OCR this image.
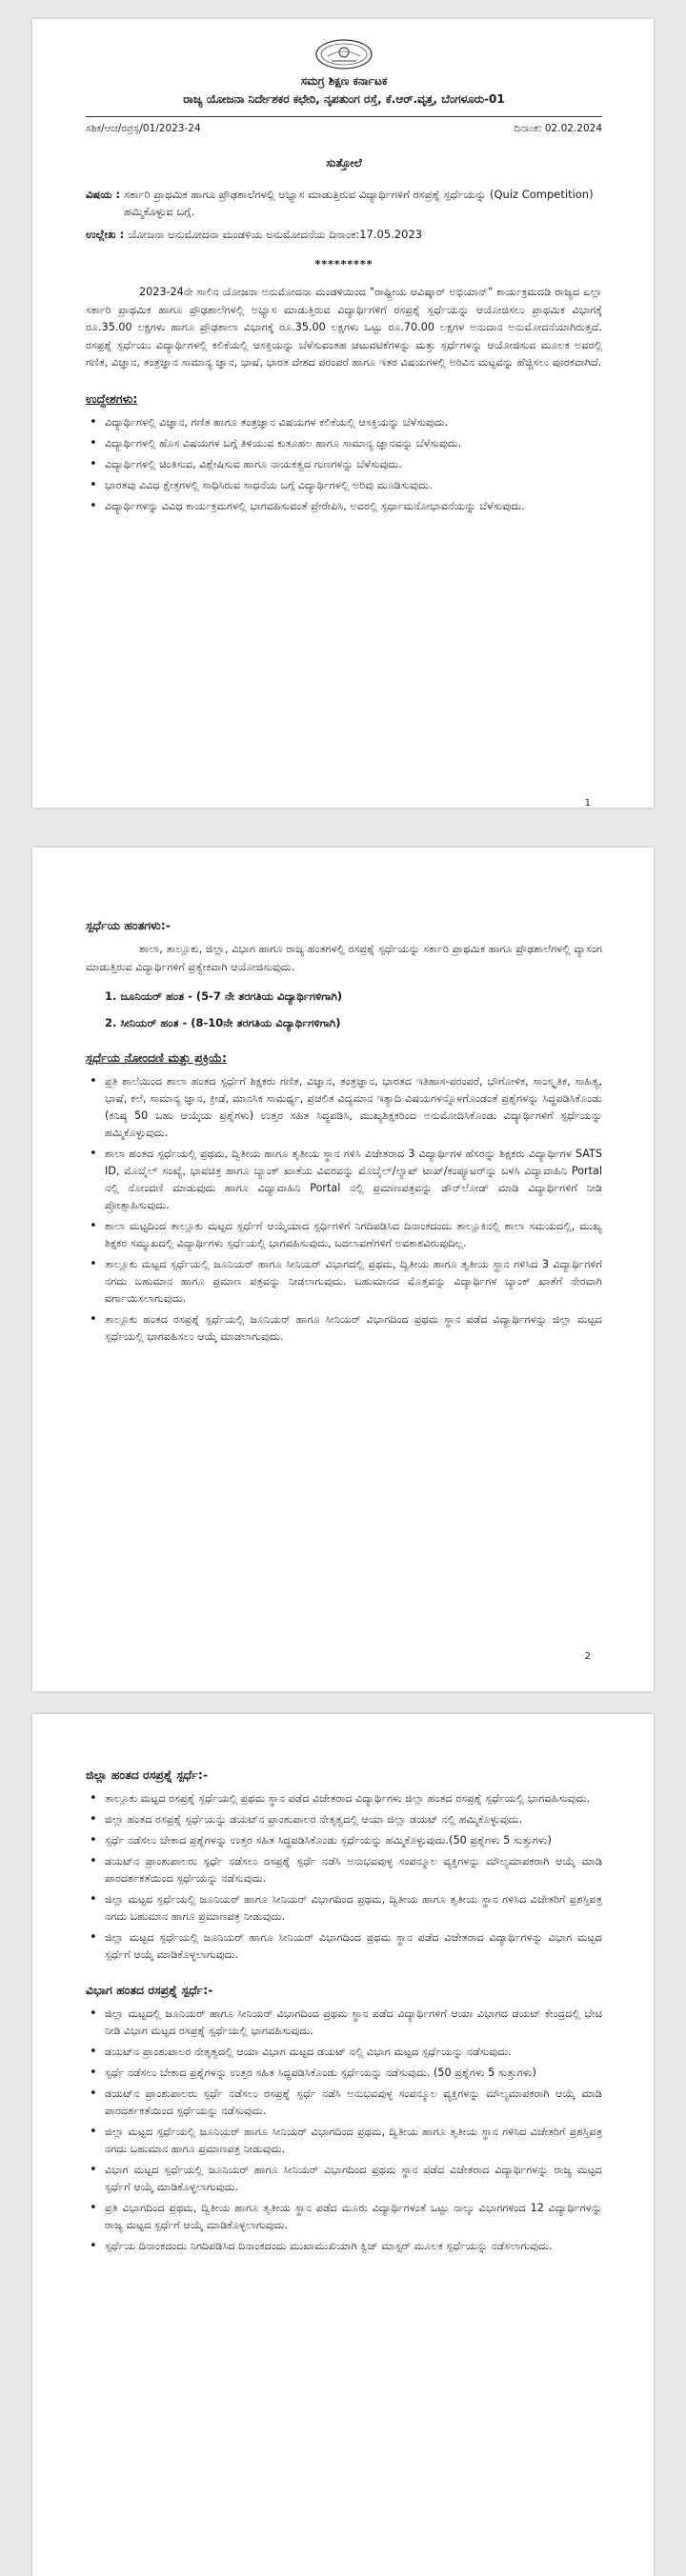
ಸಮಗ್ರ ಶಿಕ್ಷಣ ಕರ್ನಾಟಕ
ರಾಜ್ಯ ಯೋಜನಾ ನಿರ್ದೇಶಕರ ಕಛೇರಿ, ನೃಪತುಂಗ ರಸ್ತೆ, ಕೆ.ಆರ್.ವೃತ್ತ, ಬೆಂಗಳೂರು-01
ಸಶಿಕ/ಆಚ/ರಪ್ರಸ್ಪ/01/2023-24	ದಿನಾಂಕ: 02.02.2024
ಸುತ್ತೋಲೆ
ವಿಷಯ : ಸರ್ಕಾರಿ ಪ್ರಾಥಮಿಕ ಹಾಗೂ ಪ್ರೌಢಶಾಲೆಗಳಲ್ಲಿ ಅಭ್ಯಾಸ ಮಾಡುತ್ತಿರುವ ವಿದ್ಯಾರ್ಥಿಗಳಿಗೆ ರಸಪ್ರಶ್ನೆ ಸ್ಪರ್ಧೆಯನ್ನು (Quiz Competition) ಹಮ್ಮಿಕೊಳ್ಳುವ ಬಗ್ಗೆ.
ಉಲ್ಲೇಖ : ಯೋಜನಾ ಅನುಮೋದನಾ ಮಂಡಳಿಯ ಅನುಮೋದನೆಯ ದಿನಾಂಕ:17.05.2023
*********

2023-24ನೇ ಸಾಲಿನ ಯೋಜನಾ ಅನುಮೋದನಾ ಮಂಡಳಿಯಿಂದ "ರಾಷ್ಟ್ರೀಯ ಆವಿಷ್ಕಾರ್ ಅಭಿಯಾನ್" ಕಾರ್ಯಕ್ರಮದಡಿ ರಾಜ್ಯದ ಎಲ್ಲಾ ಸರ್ಕಾರಿ ಪ್ರಾಥಮಿಕ ಹಾಗೂ ಪ್ರೌಢಶಾಲೆಗಳಲ್ಲಿ ಅಭ್ಯಾಸ ಮಾಡುತ್ತಿರುವ ವಿದ್ಯಾರ್ಥಿಗಳಿಗೆ ರಸಪ್ರಶ್ನೆ ಸ್ಪರ್ಧೆಯನ್ನು ಆಯೋಜಿಸಲು ಪ್ರಾಥಮಿಕ ವಿಭಾಗಕ್ಕೆ ರೂ.35.00 ಲಕ್ಷಗಳು ಹಾಗೂ ಪ್ರೌಢಶಾಲಾ ವಿಭಾಗಕ್ಕೆ ರೂ.35.00 ಲಕ್ಷಗಳು ಒಟ್ಟು ರೂ.70.00 ಲಕ್ಷಗಳ ಅನುದಾನ ಅನುಮೋದನೆಯಾಗಿರುತ್ತದೆ. ರಸಪ್ರಶ್ನೆ ಸ್ಪರ್ಧೆಯು ವಿದ್ಯಾರ್ಥಿಗಳಲ್ಲಿ ಕಲಿಕೆಯಲ್ಲಿ ಆಸಕ್ತಿಯನ್ನು ಬೆಳೆಸುವಂತಹ ಚಟುವಟಿಕೆಗಳನ್ನು ಮತ್ತು ಸ್ಪರ್ಧೆಗಳನ್ನು ಆಯೋಜಿಸುವ ಮೂಲಕ ಅವರಲ್ಲಿ ಗಣಿತ, ವಿಜ್ಞಾನ, ತಂತ್ರಜ್ಞಾನ ಸಾಮಾನ್ಯ ಜ್ಞಾನ, ಭಾಷೆ, ಭಾರತ ದೇಶದ ಪರಂಪರೆ ಹಾಗೂ ಇತರ ವಿಷಯಗಳಲ್ಲಿ ಅರಿವಿನ ಮಟ್ಟವನ್ನು ಹೆಚ್ಚಿಸಲು ಪೂರಕವಾಗಿದೆ.

ಉದ್ದೇಶಗಳು:
• ವಿದ್ಯಾರ್ಥಿಗಳಲ್ಲಿ ವಿಜ್ಞಾನ, ಗಣಿತ ಹಾಗೂ ತಂತ್ರಜ್ಞಾನ ವಿಷಯಗಳ ಕಲಿಕೆಯಲ್ಲಿ ಆಸಕ್ತಿಯನ್ನು ಬೆಳೆಸುವುದು.
• ವಿದ್ಯಾರ್ಥಿಗಳಲ್ಲಿ ಹೊಸ ವಿಷಯಗಳ ಬಗ್ಗೆ ತಿಳಿಯುವ ಕುತೂಹಲ ಹಾಗೂ ಸಾಮಾನ್ಯ ಜ್ಞಾನವನ್ನು ಬೆಳೆಸುವುದು.
• ವಿದ್ಯಾರ್ಥಿಗಳಲ್ಲಿ ಚಿಂತಿಸುವ, ವಿಶ್ಲೇಷಿಸುವ ಹಾಗೂ ನಾಯಕತ್ವದ ಗುಣಗಳನ್ನು ಬೆಳೆಸುವುದು.
• ಭಾರತವು ವಿವಿಧ ಕ್ಷೇತ್ರಗಳಲ್ಲಿ ಸಾಧಿಸಿರುವ ಸಾಧನೆಯ ಬಗ್ಗೆ ವಿದ್ಯಾರ್ಥಿಗಳಲ್ಲಿ ಅರಿವು ಮೂಡಿಸುವುದು.
• ವಿದ್ಯಾರ್ಥಿಗಳನ್ನು ವಿವಿಧ ಕಾರ್ಯಕ್ರಮಗಳಲ್ಲಿ ಭಾಗವಹಿಸುವಂತೆ ಪ್ರೇರೇಪಿಸಿ, ಅವರಲ್ಲಿ ಸ್ಪರ್ಧಾಮನೋಭಾವನೆಯನ್ನು ಬೆಳೆಸುವುದು.
1
ಸ್ಪರ್ಧೆಯ ಹಂತಗಳು:-

ಶಾಲಾ, ತಾಲ್ಲೂಕು, ಜಿಲ್ಲಾ, ವಿಭಾಗ ಹಾಗೂ ರಾಜ್ಯ ಹಂತಗಳಲ್ಲಿ ರಸಪ್ರಶ್ನೆ ಸ್ಪರ್ಧೆಯನ್ನು ಸರ್ಕಾರಿ ಪ್ರಾಥಮಿಕ ಹಾಗೂ ಪ್ರೌಢಶಾಲೆಗಳಲ್ಲಿ ವ್ಯಾಸಂಗ ಮಾಡುತ್ತಿರುವ ವಿದ್ಯಾರ್ಥಿಗಳಿಗೆ ಪ್ರತ್ಯೇಕವಾಗಿ ಆಯೋಜಿಸುವುದು.

1. ಜೂನಿಯರ್ ಹಂತ - (5-7 ನೇ ತರಗತಿಯ ವಿದ್ಯಾರ್ಥಿಗಳಿಗಾಗಿ)
2. ಸೀನಿಯರ್ ಹಂತ - (8-10ನೇ ತರಗತಿಯ ವಿದ್ಯಾರ್ಥಿಗಳಿಗಾಗಿ)
ಸ್ಪರ್ಧೆಯ ನೋಂದಣಿ ಮತ್ತು ಪ್ರಕ್ರಿಯೆ:
• ಪ್ರತಿ ಶಾಲೆಯಿಂದ ಶಾಲಾ ಹಂತದ ಸ್ಪರ್ಧೆಗೆ ಶಿಕ್ಷಕರು ಗಣಿತ, ವಿಜ್ಞಾನ, ತಂತ್ರಜ್ಞಾನ, ಭಾರತದ ಇತಿಹಾಸ-ಪರಂಪರೆ, ಭೌಗೋಳಿಕ, ಸಾಂಸ್ಕೃತಿಕ, ಸಾಹಿತ್ಯ, ಭಾಷೆ, ಕಲೆ, ಸಾಮಾನ್ಯ ಜ್ಞಾನ, ಕ್ರೀಡೆ, ಮಾನಸಿಕ ಸಾಮರ್ಥ್ಯ, ಪ್ರಚಲಿತ ವಿದ್ಯಮಾನ ಇತ್ಯಾದಿ ವಿಷಯಗಳನ್ನೊಳಗೊಂಡಂತೆ ಪ್ರಶ್ನೆಗಳನ್ನು ಸಿದ್ಧಪಡಿಸಿಕೊಂಡು (ಕನಿಷ್ಠ 50 ಬಹು ಆಯ್ಕೆಯ ಪ್ರಶ್ನೆಗಳು) ಉತ್ತರ ಸಹಿತ ಸಿದ್ಧಪಡಿಸಿ, ಮುಖ್ಯಶಿಕ್ಷಕರಿಂದ ಅನುಮೋದಿಸಿಕೊಂಡು ವಿದ್ಯಾರ್ಥಿಗಳಿಗೆ ಸ್ಪರ್ಧೆಯನ್ನು ಹಮ್ಮಿಕೊಳ್ಳುವುದು.
• ಶಾಲಾ ಹಂತದ ಸ್ಪರ್ಧೆಯಲ್ಲಿ ಪ್ರಥಮ, ದ್ವಿತೀಯ ಹಾಗೂ ತೃತೀಯ ಸ್ಥಾನ ಗಳಿಸಿ ವಿಜೇತರಾದ 3 ವಿದ್ಯಾರ್ಥಿಗಳ ಹೆಸರನ್ನು ಶಿಕ್ಷಕರು ವಿದ್ಯಾರ್ಥಿಗಳ SATS ID, ಮೊಬೈಲ್ ಸಂಖ್ಯೆ, ಭಾವಚಿತ್ರ ಹಾಗೂ ಬ್ಯಾಂಕ್ ಖಾತೆಯ ವಿವರವನ್ನು ಮೊಬೈಲ್/ಲ್ಯಾಪ್ ಟಾಪ್/ಕಂಪ್ಯೂಟರ್‌ನ್ನು ಬಳಸಿ ವಿದ್ಯಾವಾಹಿನಿ Portal ನಲ್ಲಿ ನೋಂದಣಿ ಮಾಡುವುದು ಹಾಗೂ ವಿದ್ಯಾವಾಹಿನಿ Portal ನಲ್ಲಿ ಪ್ರಮಾಣಪತ್ರವನ್ನು ಡೌನ್‌ಲೋಡ್ ಮಾಡಿ ವಿದ್ಯಾರ್ಥಿಗಳಿಗೆ ನೀಡಿ ಪ್ರೋತ್ಸಾಹಿಸುವುದು.
• ಶಾಲಾ ಮಟ್ಟದಿಂದ ತಾಲ್ಲೂಕು ಮಟ್ಟದ ಸ್ಪರ್ಧೆಗೆ ಆಯ್ಕೆಯಾದ ಸ್ಪರ್ಧಿಗಳಿಗೆ ನಿಗದಿಪಡಿಸಿದ ದಿನಾಂಕದಂದು ತಾಲ್ಲೂಕಿನಲ್ಲಿ ಶಾಲಾ ಸಮಯದಲ್ಲಿ, ಮುಖ್ಯ ಶಿಕ್ಷಕರ ಸಮ್ಮುಖದಲ್ಲಿ ವಿದ್ಯಾರ್ಥಿಗಳು ಸ್ಪರ್ಧೆಯಲ್ಲಿ ಭಾಗವಹಿಸುವುದು, ಬದಲಾವಣೆಗಳಿಗೆ ಅವಕಾಶವಿರುವುದಿಲ್ಲ.
• ತಾಲ್ಲೂಕು ಮಟ್ಟದ ಸ್ಪರ್ಧೆಯಲ್ಲಿ ಜೂನಿಯರ್ ಹಾಗೂ ಸೀನಿಯರ್ ವಿಭಾಗದಲ್ಲಿ ಪ್ರಥಮ, ದ್ವಿತೀಯ ಹಾಗೂ ತೃತೀಯ ಸ್ಥಾನ ಗಳಿಸಿದ 3 ವಿದ್ಯಾರ್ಥಿಗಳಿಗೆ ನಗದು ಬಹುಮಾನ ಹಾಗೂ ಪ್ರಮಾಣ ಪತ್ರವನ್ನು ನೀಡಲಾಗುವುದು. ಬಹುಮಾನದ ಮೊತ್ತವನ್ನು ವಿದ್ಯಾರ್ಥಿಗಳ ಬ್ಯಾಂಕ್ ಖಾತೆಗೆ ನೇರವಾಗಿ ವರ್ಗಾಯಿಸಲಾಗುವುದು.
• ತಾಲ್ಲೂಕು ಹಂತದ ರಸಪ್ರಶ್ನೆ ಸ್ಪರ್ಧೆಯಲ್ಲಿ ಜೂನಿಯರ್ ಹಾಗೂ ಸೀನಿಯರ್ ವಿಭಾಗದಿಂದ ಪ್ರಥಮ ಸ್ಥಾನ ಪಡೆದ ವಿದ್ಯಾರ್ಥಿಗಳನ್ನು ಜಿಲ್ಲಾ ಮಟ್ಟದ ಸ್ಪರ್ಧೆಯಲ್ಲಿ ಭಾಗವಹಿಸಲು ಆಯ್ಕೆ ಮಾಡಲಾಗುವುದು.
2
ಜಿಲ್ಲಾ ಹಂತದ ರಸಪ್ರಶ್ನೆ ಸ್ಪರ್ಧೆ:-
• ತಾಲ್ಲೂಕು ಮಟ್ಟದ ರಸಪ್ರಶ್ನೆ ಸ್ಪರ್ಧೆಯಲ್ಲಿ ಪ್ರಥಮ ಸ್ಥಾನ ಪಡೆದ ವಿಜೇತರಾದ ವಿದ್ಯಾರ್ಥಿಗಳು ಜಿಲ್ಲಾ ಹಂತದ ರಸಪ್ರಶ್ನೆ ಸ್ಪರ್ಧೆಯಲ್ಲಿ ಭಾಗವಹಿಸುವುದು.
• ಜಿಲ್ಲಾ ಹಂತದ ರಸಪ್ರಶ್ನೆ ಸ್ಪರ್ಧೆಯನ್ನು ಡಯಟ್‌ನ ಪ್ರಾಂಶುಪಾಲರ ನೇತೃತ್ವದಲ್ಲಿ ಆಯಾ ಜಿಲ್ಲಾ ಡಯಟ್ ನಲ್ಲಿ ಹಮ್ಮಿಕೊಳ್ಳುವುದು.
• ಸ್ಪರ್ಧೆ ನಡೆಸಲು ಬೇಕಾದ ಪ್ರಶ್ನೆಗಳನ್ನು ಉತ್ತರ ಸಹಿತ ಸಿದ್ಧಪಡಿಸಿಕೊಂಡು ಸ್ಪರ್ಧೆಯನ್ನು ಹಮ್ಮಿಕೊಳ್ಳುವುದು.(50 ಪ್ರಶ್ನೆಗಳು 5 ಸುತ್ತುಗಳು)
• ಡಯಟ್‌ನ ಪ್ರಾಂಶುಪಾಲರು ಸ್ಪರ್ಧೆ ನಡೆಸಲು ರಸಪ್ರಶ್ನೆ ಸ್ಪರ್ಧೆ ನಡೆಸಿ ಅನುಭವವುಳ್ಳ ಸಂಪನ್ಮೂಲ ವ್ಯಕ್ತಿಗಳನ್ನು ಮೌಲ್ಯಮಾಪಕರಾಗಿ ಆಯ್ಕೆ ಮಾಡಿ ಪಾರದರ್ಶಕತೆಯಿಂದ ಸ್ಪರ್ಧೆಯನ್ನು ನಡೆಸುವುದು.
• ಜಿಲ್ಲಾ ಮಟ್ಟದ ಸ್ಪರ್ಧೆಯಲ್ಲಿ ಜೂನಿಯರ್ ಹಾಗೂ ಸೀನಿಯರ್ ವಿಭಾಗದಿಂದ ಪ್ರಥಮ, ದ್ವಿತೀಯ ಹಾಗೂ ತೃತೀಯ ಸ್ಥಾನ ಗಳಿಸಿದ ವಿಜೇತರಿಗೆ ಪ್ರಶಸ್ತಿಪತ್ರ ನಗದು ಬಹುಮಾನ ಹಾಗೂ ಪ್ರಮಾಣಪತ್ರ ನೀಡುವುದು.
• ಜಿಲ್ಲಾ ಮಟ್ಟದ ಸ್ಪರ್ಧೆಯಲ್ಲಿ ಜೂನಿಯರ್ ಹಾಗೂ ಸೀನಿಯರ್ ವಿಭಾಗದಿಂದ ಪ್ರಥಮ ಸ್ಥಾನ ಪಡೆದ ವಿಜೇತರಾದ ವಿದ್ಯಾರ್ಥಿಗಳನ್ನು ವಿಭಾಗ ಮಟ್ಟದ ಸ್ಪರ್ಧೆಗೆ ಆಯ್ಕೆ ಮಾಡಿಕೊಳ್ಳಲಾಗುವುದು.
ವಿಭಾಗ ಹಂತದ ರಸಪ್ರಶ್ನೆ ಸ್ಪರ್ಧೆ:-
• ಜಿಲ್ಲಾ ಮಟ್ಟದಲ್ಲಿ ಜೂನಿಯರ್ ಹಾಗೂ ಸೀನಿಯರ್ ವಿಭಾಗದಿಂದ ಪ್ರಥಮ ಸ್ಥಾನ ಪಡೆದ ವಿದ್ಯಾರ್ಥಿಗಳಿಗೆ ಆಯಾ ವಿಭಾಗದ ಡಯಟ್ ಕೇಂದ್ರದಲ್ಲಿ ಭೇಟಿ ನೀಡಿ ವಿಭಾಗ ಮಟ್ಟದ ರಸಪ್ರಶ್ನೆ ಸ್ಪರ್ಧೆಯಲ್ಲಿ ಭಾಗವಹಿಸುವುದು.
• ಡಯಟ್‌ನ ಪ್ರಾಂಶುಪಾಲರ ನೇತೃತ್ವದಲ್ಲಿ ಆಯಾ ವಿಭಾಗ ಮಟ್ಟದ ಡಯಟ್ ನಲ್ಲಿ ವಿಭಾಗ ಮಟ್ಟದ ಸ್ಪರ್ಧೆಯನ್ನು ನಡೆಸುವುದು.
• ಸ್ಪರ್ಧೆ ನಡೆಸಲು ಬೇಕಾದ ಪ್ರಶ್ನೆಗಳನ್ನು ಉತ್ತರ ಸಹಿತ ಸಿದ್ಧಪಡಿಸಿಕೊಂಡು ಸ್ಪರ್ಧೆಯನ್ನು ನಡೆಸುವುದು. (50 ಪ್ರಶ್ನೆಗಳು 5 ಸುತ್ತುಗಳು)
• ಡಯಟ್‌ನ ಪ್ರಾಂಶುಪಾಲರು ಸ್ಪರ್ಧೆ ನಡೆಸಲು ರಸಪ್ರಶ್ನೆ ಸ್ಪರ್ಧೆ ನಡೆಸಿ ಅನುಭವವುಳ್ಳ ಸಂಪನ್ಮೂಲ ವ್ಯಕ್ತಿಗಳನ್ನು ಮೌಲ್ಯಮಾಪಕರಾಗಿ ಆಯ್ಕೆ ಮಾಡಿ ಪಾರದರ್ಶಕತೆಯಿಂದ ಸ್ಪರ್ಧೆಯನ್ನು ನಡೆಸುವುದು.
• ಜಿಲ್ಲಾ ಮಟ್ಟದ ಸ್ಪರ್ಧೆಯಲ್ಲಿ ಜೂನಿಯರ್ ಹಾಗೂ ಸೀನಿಯರ್ ವಿಭಾಗದಿಂದ ಪ್ರಥಮ, ದ್ವಿತೀಯ ಹಾಗೂ ತೃತೀಯ ಸ್ಥಾನ ಗಳಿಸಿದ ವಿಜೇತರಿಗೆ ಪ್ರಶಸ್ತಿಪತ್ರ ನಗದು ಬಹುಮಾನ ಹಾಗೂ ಪ್ರಮಾಣಪತ್ರ ನೀಡುವುದು.
• ವಿಭಾಗ ಮಟ್ಟದ ಸ್ಪರ್ಧೆಯಲ್ಲಿ ಜೂನಿಯರ್ ಹಾಗೂ ಸೀನಿಯರ್ ವಿಭಾಗದಿಂದ ಪ್ರಥಮ ಸ್ಥಾನ ಪಡೆದ ವಿಜೇತರಾದ ವಿದ್ಯಾರ್ಥಿಗಳನ್ನು ರಾಜ್ಯ ಮಟ್ಟದ ಸ್ಪರ್ಧೆಗೆ ಆಯ್ಕೆ ಮಾಡಿಕೊಳ್ಳಲಾಗುವುದು.
• ಪ್ರತಿ ವಿಭಾಗದಿಂದ ಪ್ರಥಮ, ದ್ವಿತೀಯ ಹಾಗೂ ತೃತೀಯ ಸ್ಥಾನ ಪಡೆದ ಮೂರು ವಿದ್ಯಾರ್ಥಿಗಳಂತೆ ಒಟ್ಟು ನಾಲ್ಕು ವಿಭಾಗಗಳಿಂದ 12 ವಿದ್ಯಾರ್ಥಿಗಳನ್ನು ರಾಜ್ಯ ಮಟ್ಟದ ಸ್ಪರ್ಧೆಗೆ ಆಯ್ಕೆ ಮಾಡಿಕೊಳ್ಳಲಾಗುವುದು.
• ಸ್ಪರ್ಧೆಯ ದಿನಾಂಕದಂದು ನಿಗದಿಪಡಿಸಿದ ದಿನಾಂಕದಂದು ಮುಖಾಮುಖಿಯಾಗಿ ಕ್ವಿಜ್ ಮಾಸ್ಟರ್ ಮೂಲಕ ಸ್ಪರ್ಧೆಯನ್ನು ನಡೆಸಲಾಗುವುದು.
